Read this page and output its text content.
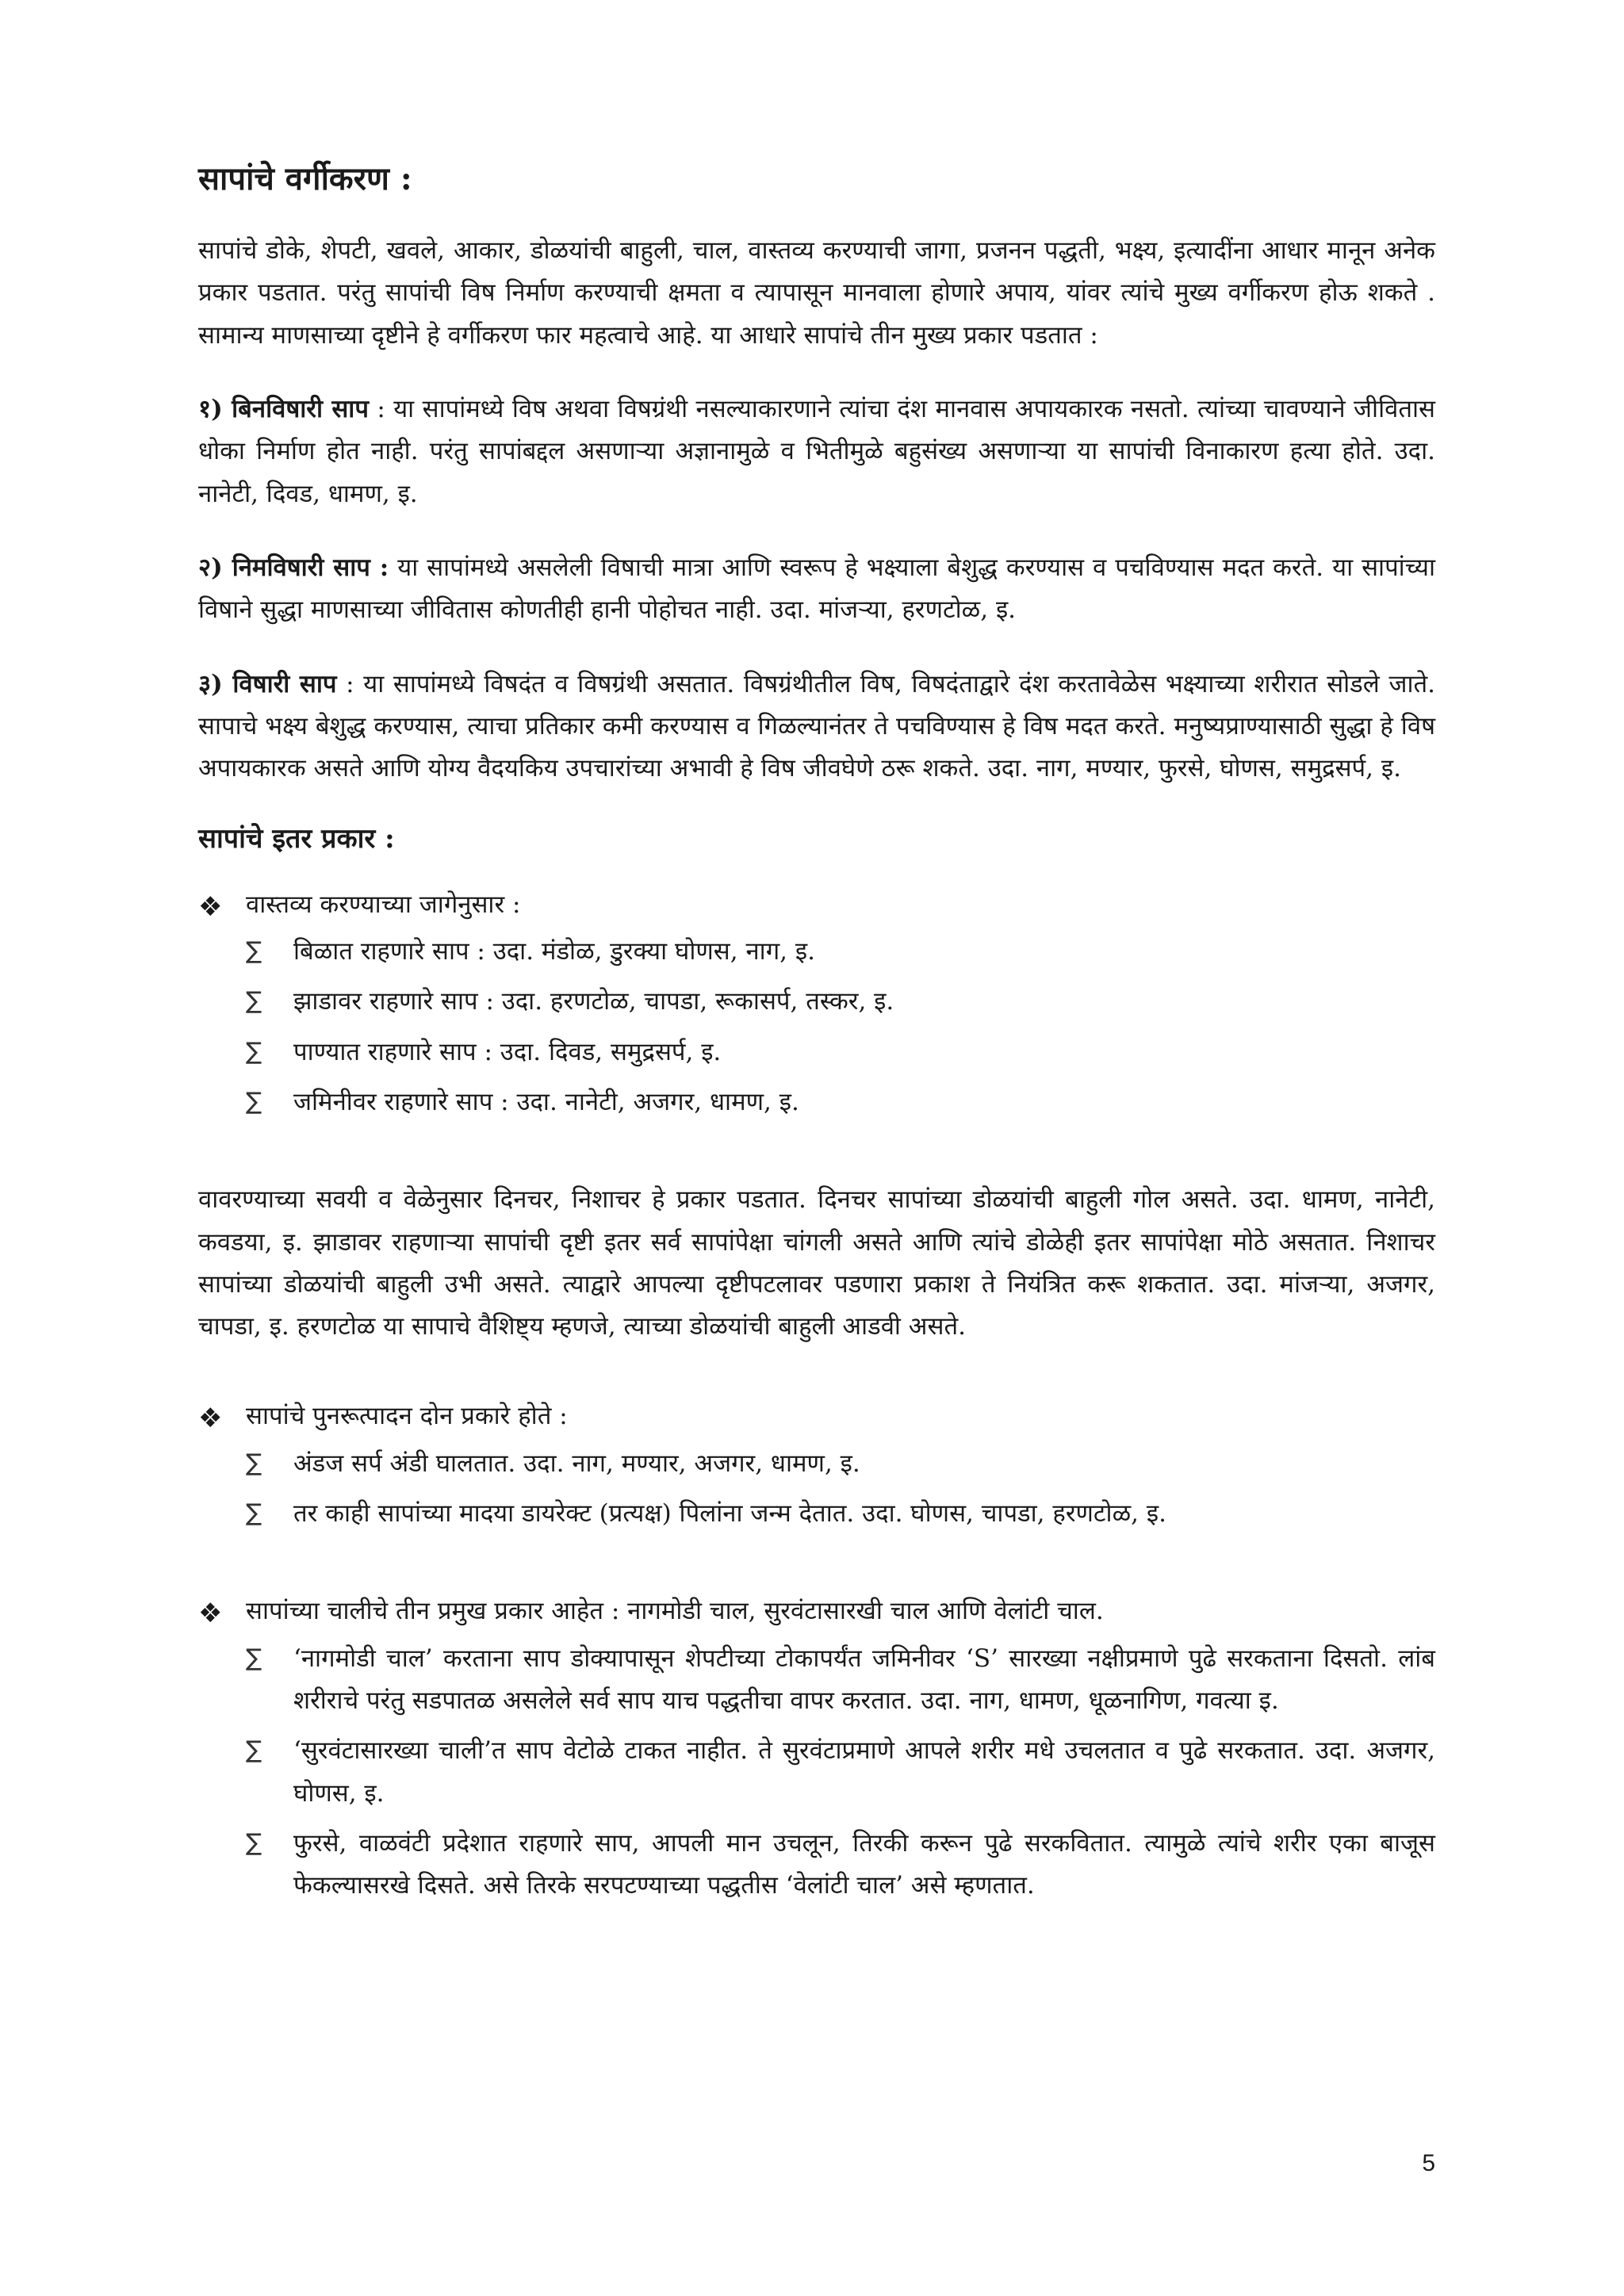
सापांचे वर्गीकरण :

सापांचे डोके, शेपटी, खवले, आकार, डोळयांची बाहुली, चाल, वास्तव्य करण्याची जागा, प्रजनन पद्धती, भक्ष्य, इत्यादींना आधार मानून अनेक प्रकार पडतात. परंतु सापांची विष निर्माण करण्याची क्षमता व त्यापासून मानवाला होणारे अपाय, यांवर त्यांचे मुख्य वर्गीकरण होऊ शकते . सामान्य माणसाच्या दृष्टीने हे वर्गीकरण फार महत्वाचे आहे. या आधारे सापांचे तीन मुख्य प्रकार पडतात :

१) बिनविषारी साप : या सापांमध्ये विष अथवा विषग्रंथी नसल्याकारणाने त्यांचा दंश मानवास अपायकारक नसतो. त्यांच्या चावण्याने जीवितास धोका निर्माण होत नाही. परंतु सापांबद्दल असणाऱ्या अज्ञानामुळे व भितीमुळे बहुसंख्य असणाऱ्या या सापांची विनाकारण हत्या होते. उदा. नानेटी, दिवड, धामण, इ.

२) निमविषारी साप : या सापांमध्ये असलेली विषाची मात्रा आणि स्वरूप हे भक्ष्याला बेशुद्ध करण्यास व पचविण्यास मदत करते. या सापांच्या विषाने सुद्धा माणसाच्या जीवितास कोणतीही हानी पोहोचत नाही. उदा. मांजऱ्या, हरणटोळ, इ.

३) विषारी साप : या सापांमध्ये विषदंत व विषग्रंथी असतात. विषग्रंथीतील विष, विषदंताद्वारे दंश करतावेळेस भक्ष्याच्या शरीरात सोडले जाते. सापाचे भक्ष्य बेशुद्ध करण्यास, त्याचा प्रतिकार कमी करण्यास व गिळल्यानंतर ते पचविण्यास हे विष मदत करते. मनुष्यप्राण्यासाठी सुद्धा हे विष अपायकारक असते आणि योग्य वैदयकिय उपचारांच्या अभावी हे विष जीवघेणे ठरू शकते. उदा. नाग, मण्यार, फुरसे, घोणस, समुद्रसर्प, इ.

सापांचे इतर प्रकार :
❖ वास्तव्य करण्याच्या जागेनुसार :
∑ बिळात राहणारे साप : उदा. मंडोळ, डुरक्या घोणस, नाग, इ.
∑ झाडावर राहणारे साप : उदा. हरणटोळ, चापडा, रूकासर्प, तस्कर, इ.
∑ पाण्यात राहणारे साप : उदा. दिवड, समुद्रसर्प, इ.
∑ जमिनीवर राहणारे साप : उदा. नानेटी, अजगर, धामण, इ.

वावरण्याच्या सवयी व वेळेनुसार दिनचर, निशाचर हे प्रकार पडतात. दिनचर सापांच्या डोळयांची बाहुली गोल असते. उदा. धामण, नानेटी, कवडया, इ. झाडावर राहणाऱ्या सापांची दृष्टी इतर सर्व सापांपेक्षा चांगली असते आणि त्यांचे डोळेही इतर सापांपेक्षा मोठे असतात. निशाचर सापांच्या डोळयांची बाहुली उभी असते. त्याद्वारे आपल्या दृष्टीपटलावर पडणारा प्रकाश ते नियंत्रित करू शकतात. उदा. मांजऱ्या, अजगर, चापडा, इ. हरणटोळ या सापाचे वैशिष्ट्य म्हणजे, त्याच्या डोळयांची बाहुली आडवी असते.

❖ सापांचे पुनरूत्पादन दोन प्रकारे होते :
∑ अंडज सर्प अंडी घालतात. उदा. नाग, मण्यार, अजगर, धामण, इ.
∑ तर काही सापांच्या मादया डायरेक्ट (प्रत्यक्ष) पिलांना जन्म देतात. उदा. घोणस, चापडा, हरणटोळ, इ.
❖ सापांच्या चालीचे तीन प्रमुख प्रकार आहेत : नागमोडी चाल, सुरवंटासारखी चाल आणि वेलांटी चाल.
∑ ‘नागमोडी चाल’ करताना साप डोक्यापासून शेपटीच्या टोकापर्यंत जमिनीवर ‘S’ सारख्या नक्षीप्रमाणे पुढे सरकताना दिसतो. लांब शरीराचे परंतु सडपातळ असलेले सर्व साप याच पद्धतीचा वापर करतात. उदा. नाग, धामण, धूळनागिण, गवत्या इ.
∑ ‘सुरवंटासारख्या चाली’त साप वेटोळे टाकत नाहीत. ते सुरवंटाप्रमाणे आपले शरीर मधे उचलतात व पुढे सरकतात. उदा. अजगर, घोणस, इ.
∑ फुरसे, वाळवंटी प्रदेशात राहणारे साप, आपली मान उचलून, तिरकी करून पुढे सरकवितात. त्यामुळे त्यांचे शरीर एका बाजूस फेकल्यासरखे दिसते. असे तिरके सरपटण्याच्या पद्धतीस ‘वेलांटी चाल’ असे म्हणतात.
5
